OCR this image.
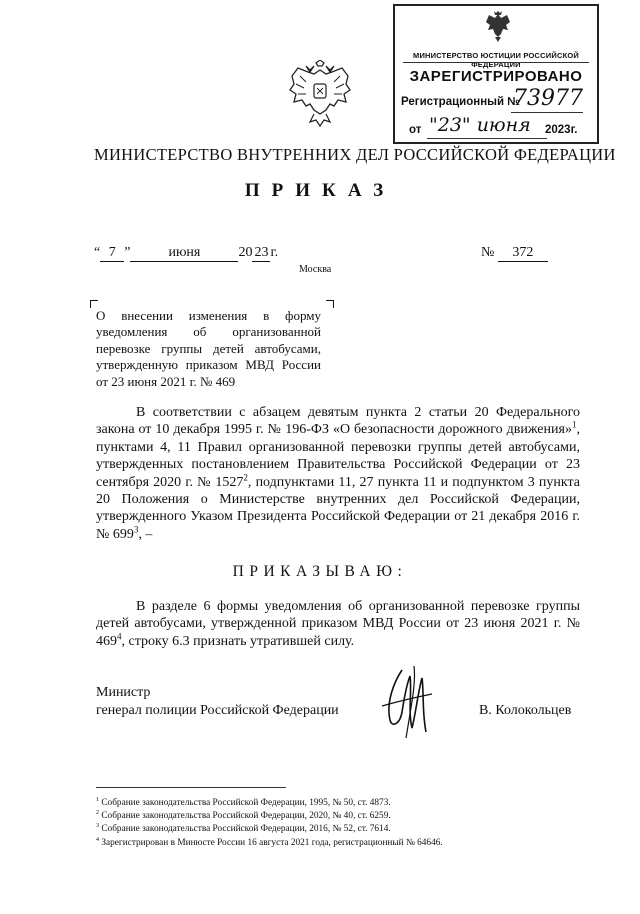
МИНИСТЕРСТВО ЮСТИЦИИ РОССИЙСКОЙ ФЕДЕРАЦИИ
ЗАРЕГИСТРИРОВАНО
Регистрационный №
73977
от "23" июня 2023г.
МИНИСТЕРСТВО ВНУТРЕННИХ ДЕЛ РОССИЙСКОЙ ФЕДЕРАЦИИ
ПРИКАЗ
“ 7 ”	июня	20 23 г.	№ 372
Москва
О внесении изменения в форму уведомления об организованной перевозке группы детей автобусами, утвержденную приказом МВД России от 23 июня 2021 г. № 469
В соответствии с абзацем девятым пункта 2 статьи 20 Федерального закона от 10 декабря 1995 г. № 196-ФЗ «О безопасности дорожного движения»$^1$, пунктами 4, 11 Правил организованной перевозки группы детей автобусами, утвержденных постановлением Правительства Российской Федерации от 23 сентября 2020 г. № 1527$^2$, подпунктами 11, 27 пункта 11 и подпунктом 3 пункта 20 Положения о Министерстве внутренних дел Российской Федерации, утвержденного Указом Президента Российской Федерации от 21 декабря 2016 г. № $699^3$, –
ПРИКАЗЫВАЮ:
В разделе 6 формы уведомления об организованной перевозке группы детей автобусами, утвержденной приказом МВД России от 23 июня 2021 г. № $469^4$, строку 6.3 признать утратившей силу.
Министр
генерал полиции Российской Федерации	В. Колокольцев
$^1$ Собрание законодательства Российской Федерации, 1995, № 50, ст. 4873.
$^2$ Собрание законодательства Российской Федерации, 2020, № 40, ст. 6259.
$^3$ Собрание законодательства Российской Федерации, 2016, № 52, ст. 7614.
$^4$ Зарегистрирован в Минюсте России 16 августа 2021 года, регистрационный № 64646.
